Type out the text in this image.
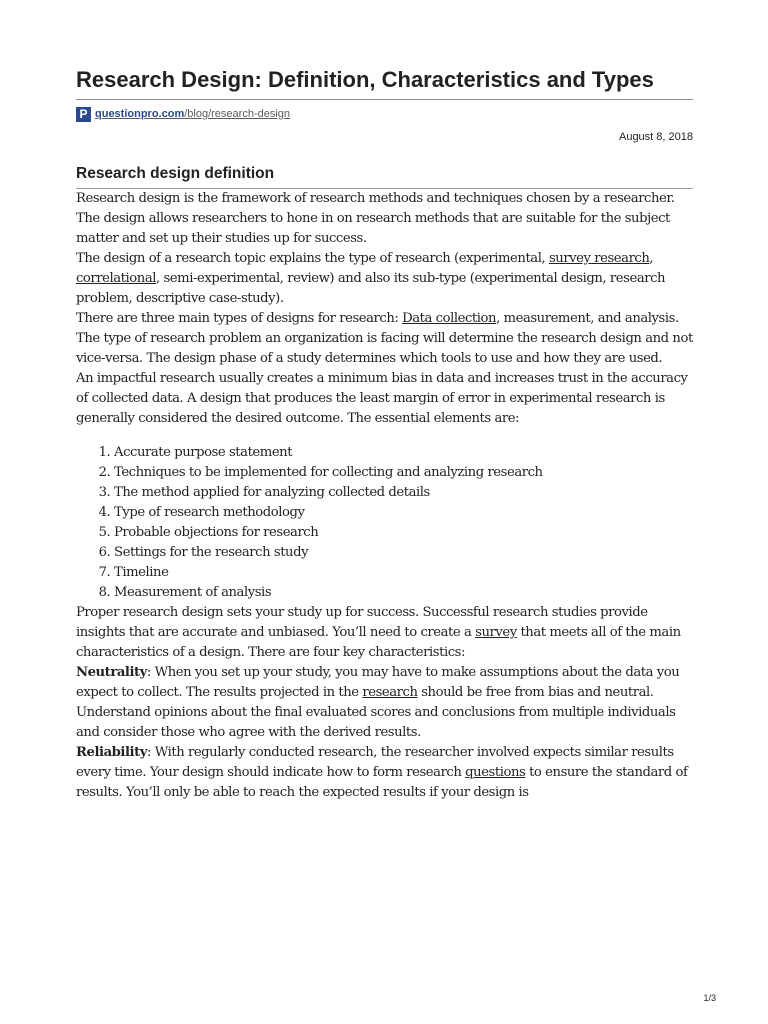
Research Design: Definition, Characteristics and Types
P questionpro.com/blog/research-design
August 8, 2018
Research design definition

Research design is the framework of research methods and techniques chosen by a researcher. The design allows researchers to hone in on research methods that are suitable for the subject matter and set up their studies up for success.

The design of a research topic explains the type of research (experimental, survey research, correlational, semi-experimental, review) and also its sub-type (experimental design, research problem, descriptive case-study).

There are three main types of designs for research: Data collection, measurement, and analysis.

The type of research problem an organization is facing will determine the research design and not vice-versa. The design phase of a study determines which tools to use and how they are used.

An impactful research usually creates a minimum bias in data and increases trust in the accuracy of collected data. A design that produces the least margin of error in experimental research is generally considered the desired outcome. The essential elements are:

1. Accurate purpose statement
2. Techniques to be implemented for collecting and analyzing research
3. The method applied for analyzing collected details
4. Type of research methodology
5. Probable objections for research
6. Settings for the research study
7. Timeline
8. Measurement of analysis

Proper research design sets your study up for success. Successful research studies provide insights that are accurate and unbiased. You’ll need to create a survey that meets all of the main characteristics of a design. There are four key characteristics:

Neutrality: When you set up your study, you may have to make assumptions about the data you expect to collect. The results projected in the research should be free from bias and neutral. Understand opinions about the final evaluated scores and conclusions from multiple individuals and consider those who agree with the derived results.

Reliability: With regularly conducted research, the researcher involved expects similar results every time. Your design should indicate how to form research questions to ensure the standard of results. You’ll only be able to reach the expected results if your design is

1/3
